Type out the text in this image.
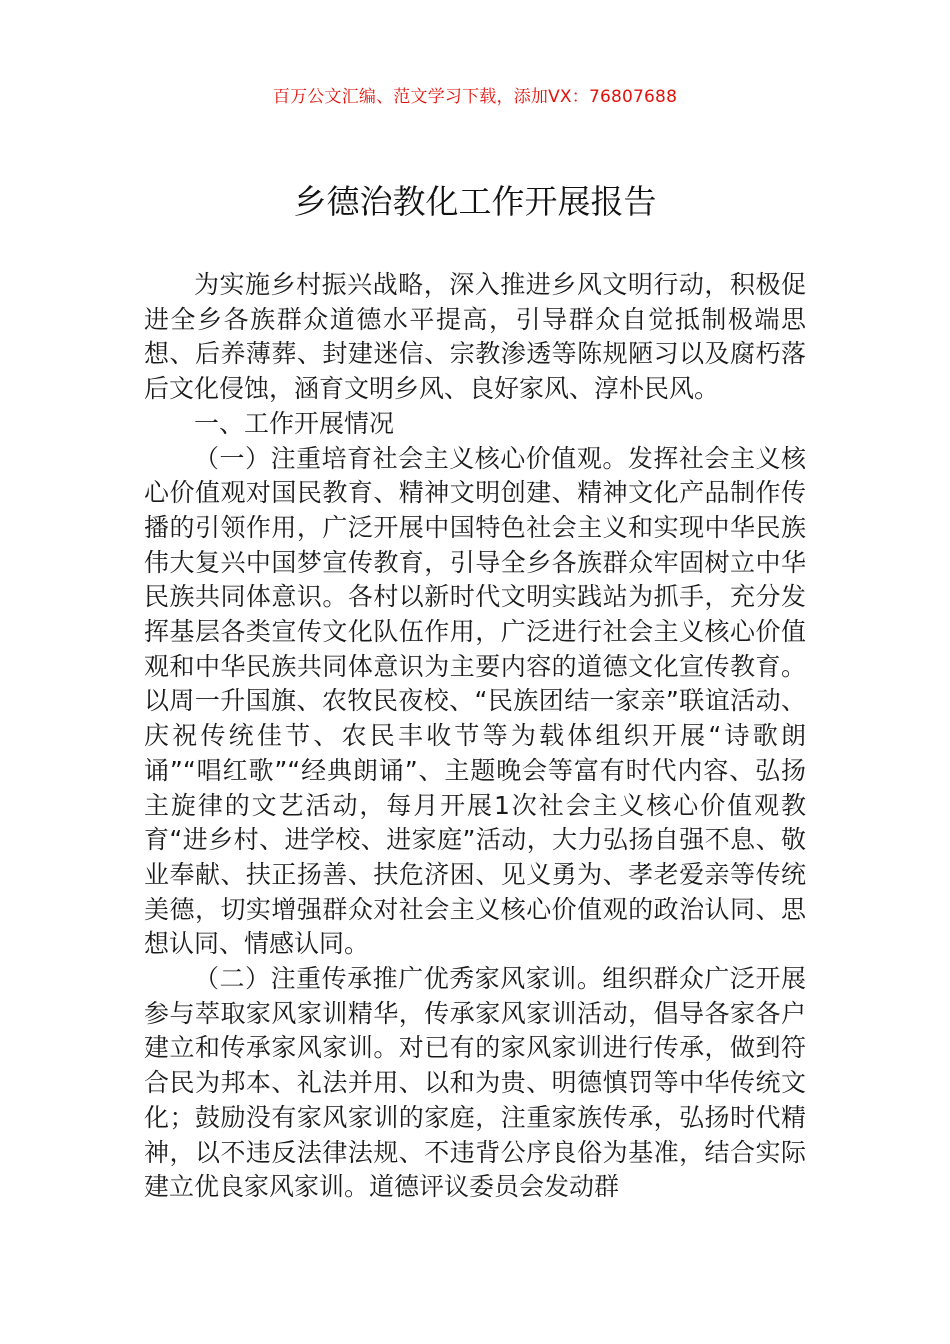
百万公文汇编、范文学习下载，添加VX：76807688
乡德治教化工作开展报告

为实施乡村振兴战略，深入推进乡风文明行动，积极促进全乡各族群众道德水平提高，引导群众自觉抵制极端思想、后养薄葬、封建迷信、宗教渗透等陈规陋习以及腐朽落后文化侵蚀，涵育文明乡风、良好家风、淳朴民风。

一、工作开展情况

（一）注重培育社会主义核心价值观。发挥社会主义核心价值观对国民教育、精神文明创建、精神文化产品制作传播的引领作用，广泛开展中国特色社会主义和实现中华民族伟大复兴中国梦宣传教育，引导全乡各族群众牢固树立中华民族共同体意识。各村以新时代文明实践站为抓手，充分发挥基层各类宣传文化队伍作用，广泛进行社会主义核心价值观和中华民族共同体意识为主要内容的道德文化宣传教育。以周一升国旗、农牧民夜校、“民族团结一家亲”联谊活动、庆祝传统佳节、农民丰收节等为载体组织开展“诗歌朗诵”“唱红歌”“经典朗诵”、主题晚会等富有时代内容、弘扬主旋律的文艺活动，每月开展1次社会主义核心价值观教育“进乡村、进学校、进家庭”活动，大力弘扬自强不息、敬业奉献、扶正扬善、扶危济困、见义勇为、孝老爱亲等传统美德，切实增强群众对社会主义核心价值观的政治认同、思想认同、情感认同。

（二）注重传承推广优秀家风家训。组织群众广泛开展参与萃取家风家训精华，传承家风家训活动，倡导各家各户建立和传承家风家训。对已有的家风家训进行传承，做到符合民为邦本、礼法并用、以和为贵、明德慎罚等中华传统文化；鼓励没有家风家训的家庭，注重家族传承，弘扬时代精神，以不违反法律法规、不违背公序良俗为基准，结合实际建立优良家风家训。道德评议委员会发动群
